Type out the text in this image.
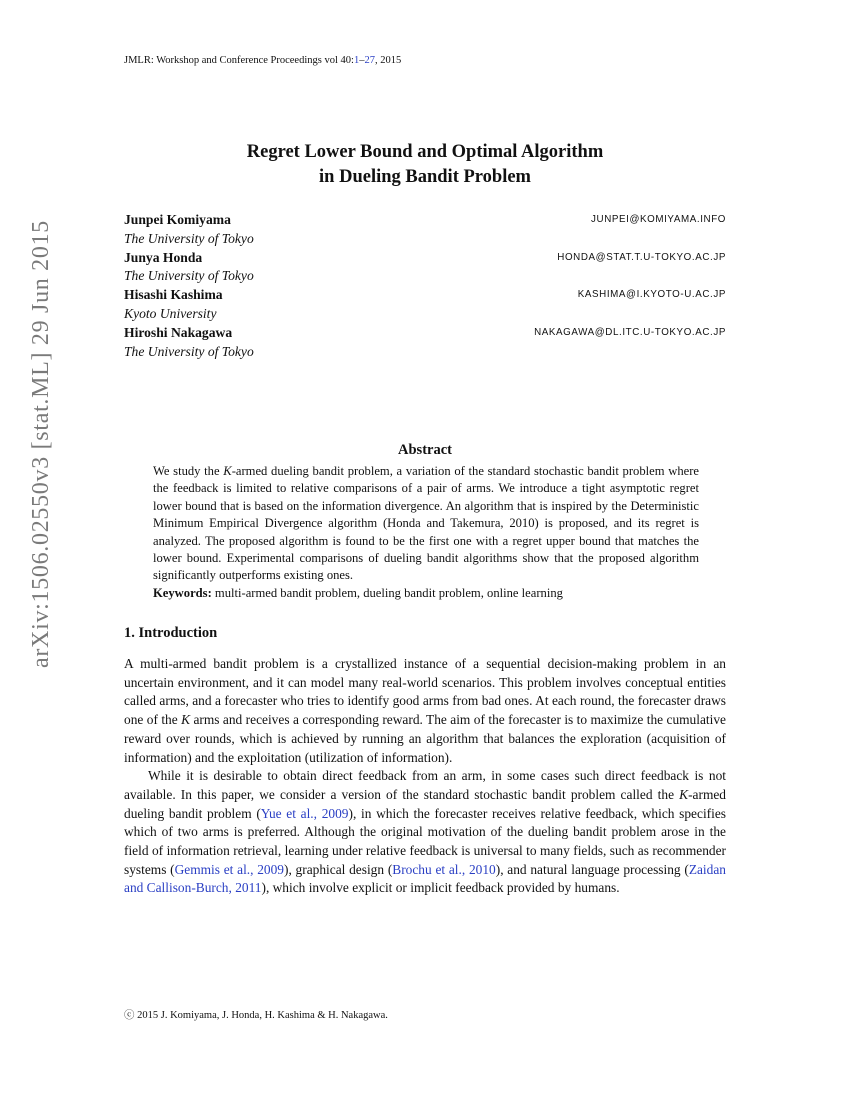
JMLR: Workshop and Conference Proceedings vol 40:1–27, 2015
arXiv:1506.02550v3 [stat.ML] 29 Jun 2015
Regret Lower Bound and Optimal Algorithm
in Dueling Bandit Problem
Junpei Komiyama	JUNPEI@KOMIYAMA.INFO
The University of Tokyo
Junya Honda	HONDA@STAT.T.U-TOKYO.AC.JP
The University of Tokyo
Hisashi Kashima	KASHIMA@I.KYOTO-U.AC.JP
Kyoto University
Hiroshi Nakagawa	NAKAGAWA@DL.ITC.U-TOKYO.AC.JP
The University of Tokyo
Abstract
We study the K-armed dueling bandit problem, a variation of the standard stochastic bandit problem where the feedback is limited to relative comparisons of a pair of arms. We introduce a tight asymptotic regret lower bound that is based on the information divergence. An algorithm that is inspired by the Deterministic Minimum Empirical Divergence algorithm (Honda and Takemura, 2010) is proposed, and its regret is analyzed. The proposed algorithm is found to be the first one with a regret upper bound that matches the lower bound. Experimental comparisons of dueling bandit algorithms show that the proposed algorithm significantly outperforms existing ones.
Keywords: multi-armed bandit problem, dueling bandit problem, online learning
1. Introduction

A multi-armed bandit problem is a crystallized instance of a sequential decision-making problem in an uncertain environment, and it can model many real-world scenarios. This problem involves conceptual entities called arms, and a forecaster who tries to identify good arms from bad ones. At each round, the forecaster draws one of the K arms and receives a corresponding reward. The aim of the forecaster is to maximize the cumulative reward over rounds, which is achieved by running an algorithm that balances the exploration (acquisition of information) and the exploitation (utilization of information).

While it is desirable to obtain direct feedback from an arm, in some cases such direct feedback is not available. In this paper, we consider a version of the standard stochastic bandit problem called the K-armed dueling bandit problem (Yue et al., 2009), in which the forecaster receives relative feedback, which specifies which of two arms is preferred. Although the original motivation of the dueling bandit problem arose in the field of information retrieval, learning under relative feedback is universal to many fields, such as recommender systems (Gemmis et al., 2009), graphical design (Brochu et al., 2010), and natural language processing (Zaidan and Callison-Burch, 2011), which involve explicit or implicit feedback provided by humans.

ⓒ 2015 J. Komiyama, J. Honda, H. Kashima & H. Nakagawa.
